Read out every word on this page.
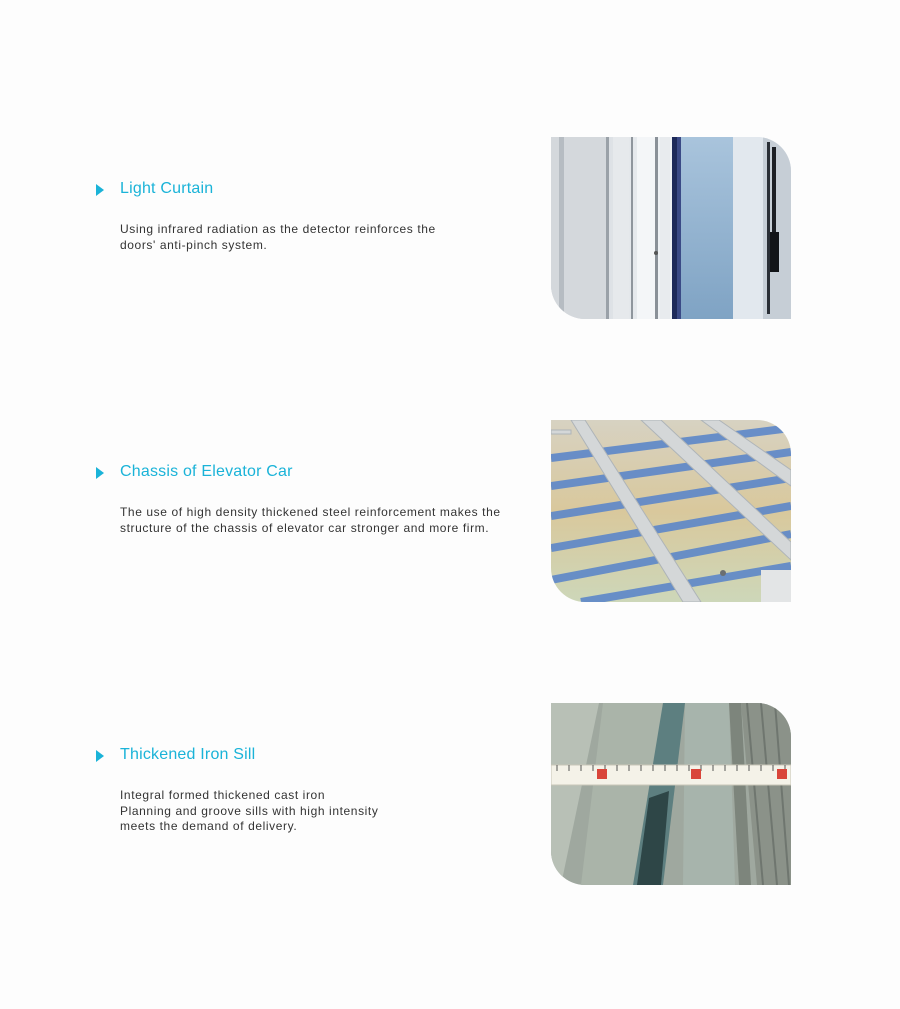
Light Curtain
Using infrared radiation as the detector reinforces the
doors' anti-pinch system.
Chassis of Elevator Car
The use of high density thickened steel reinforcement makes the
structure of the chassis of elevator car stronger and more firm.
Thickened Iron Sill
Integral formed thickened cast iron
Planning and groove sills with high intensity
meets the demand of delivery.
